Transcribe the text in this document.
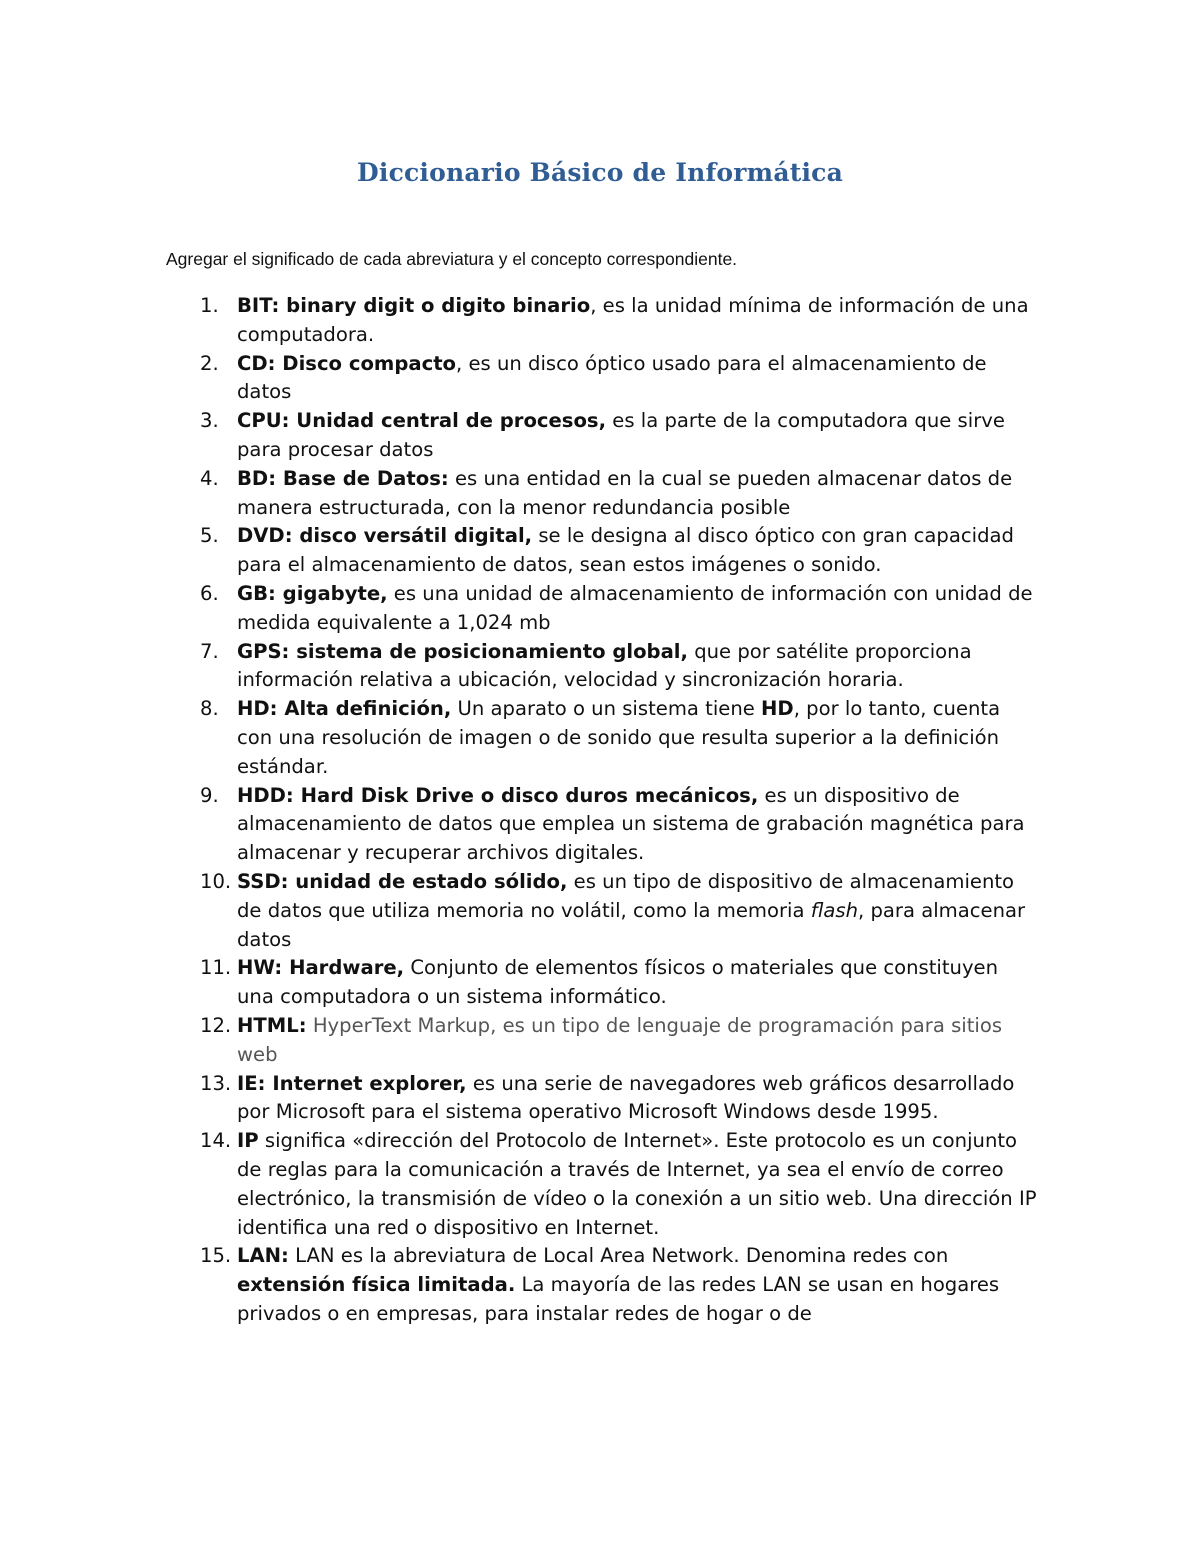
Diccionario Básico de Informática
Agregar el significado de cada abreviatura y el concepto correspondiente.
1. BIT: binary digit o digito binario, es la unidad mínima de información de una computadora.
2. CD: Disco compacto, es un disco óptico usado para el almacenamiento de datos
3. CPU: Unidad central de procesos, es la parte de la computadora que sirve para procesar datos
4. BD: Base de Datos: es una entidad en la cual se pueden almacenar datos de manera estructurada, con la menor redundancia posible
5. DVD: disco versátil digital, se le designa al disco óptico con gran capacidad para el almacenamiento de datos, sean estos imágenes o sonido.
6. GB: gigabyte, es una unidad de almacenamiento de información con unidad de medida equivalente a 1,024 mb
7. GPS: sistema de posicionamiento global, que por satélite proporciona información relativa a ubicación, velocidad y sincronización horaria.
8. HD: Alta definición, Un aparato o un sistema tiene HD, por lo tanto, cuenta con una resolución de imagen o de sonido que resulta superior a la definición estándar.
9. HDD: Hard Disk Drive o disco duros mecánicos, es un dispositivo de almacenamiento de datos que emplea un sistema de grabación magnética para almacenar y recuperar archivos digitales.
10. SSD: unidad de estado sólido, es un tipo de dispositivo de almacenamiento de datos que utiliza memoria no volátil, como la memoria flash, para almacenar datos
11. HW: Hardware, Conjunto de elementos físicos o materiales que constituyen una computadora o un sistema informático.
12. HTML: HyperText Markup, es un tipo de lenguaje de programación para sitios web
13. IE: Internet explorer, es una serie de navegadores web gráficos desarrollado por Microsoft para el sistema operativo Microsoft Windows desde 1995.
14. IP significa «dirección del Protocolo de Internet». Este protocolo es un conjunto de reglas para la comunicación a través de Internet, ya sea el envío de correo electrónico, la transmisión de vídeo o la conexión a un sitio web. Una dirección IP identifica una red o dispositivo en Internet.
15. LAN: LAN es la abreviatura de Local Area Network. Denomina redes con extensión física limitada. La mayoría de las redes LAN se usan en hogares privados o en empresas, para instalar redes de hogar o de
